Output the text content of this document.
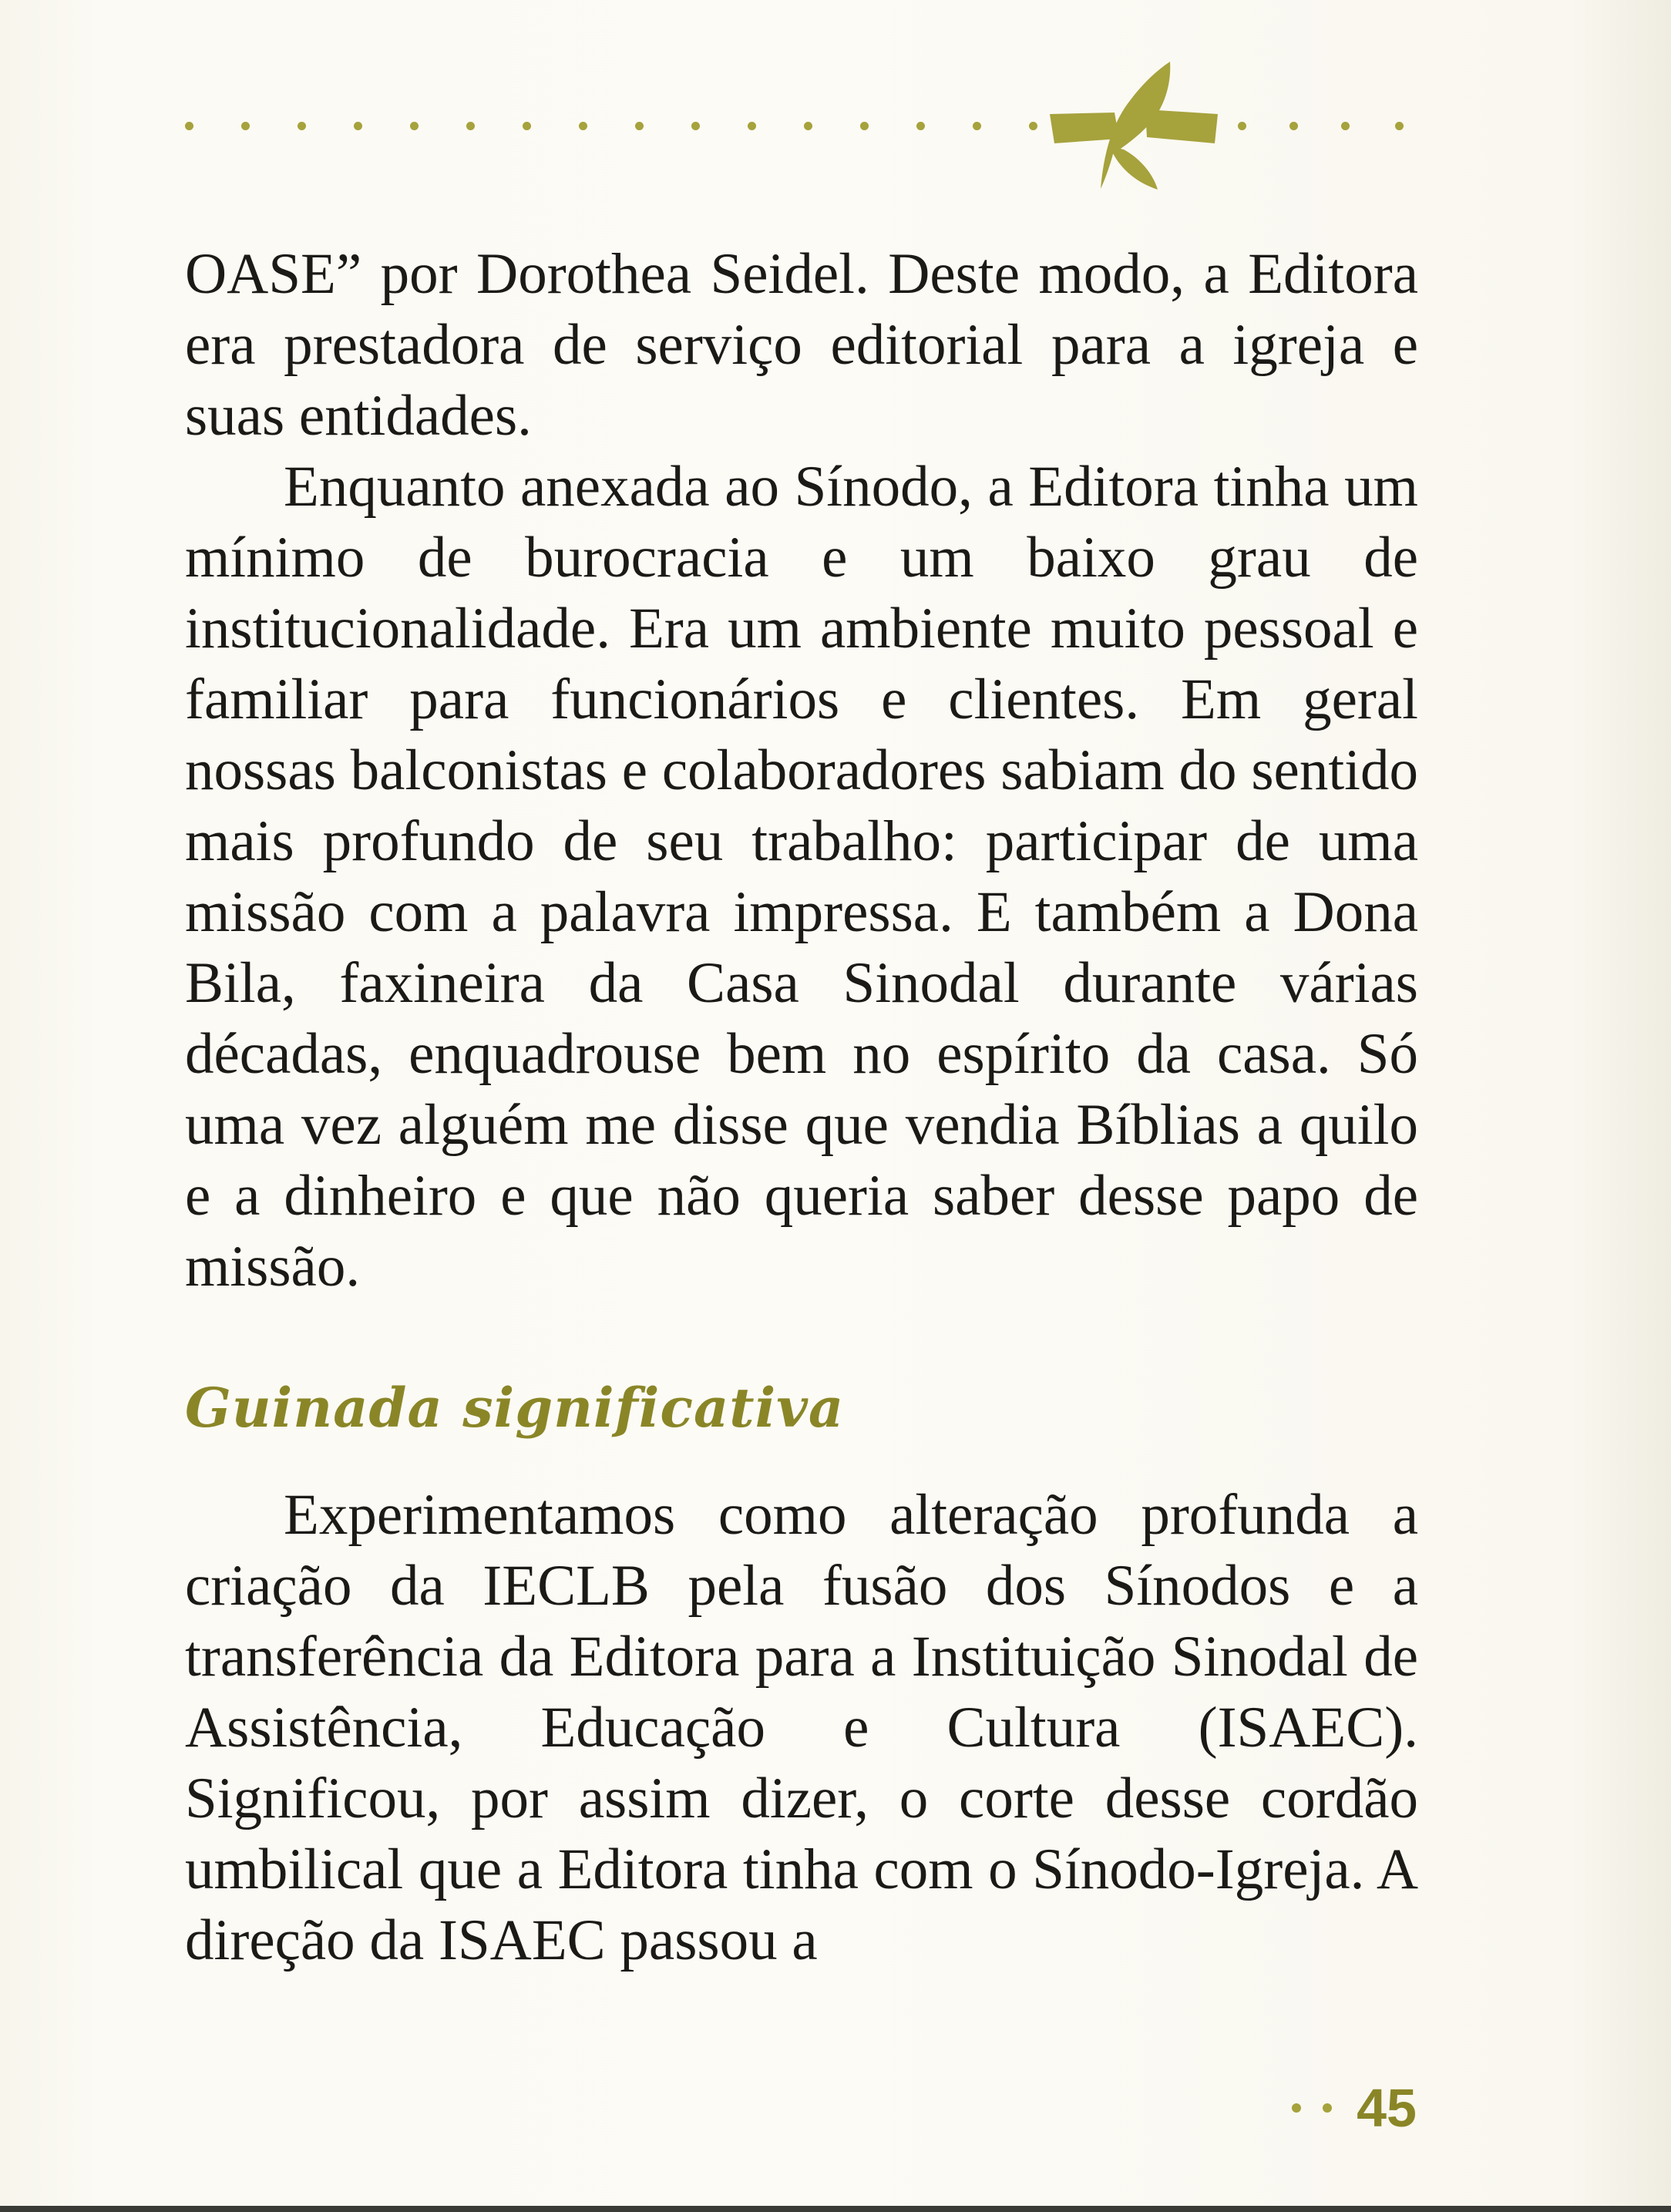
OASE” por Dorothea Seidel. Deste modo, a Editora era prestadora de serviço editorial para a igreja e suas entidades.

Enquanto anexada ao Sínodo, a Editora tinha um mínimo de burocracia e um baixo grau de institucionalidade. Era um ambiente muito pessoal e familiar para funcionários e clientes. Em geral nossas balconistas e colaboradores sabiam do sentido mais profundo de seu trabalho: participar de uma missão com a palavra impressa. E também a Dona Bila, faxineira da Casa Sinodal durante várias décadas, enquadrouse bem no espírito da casa. Só uma vez alguém me disse que vendia Bíblias a quilo e a dinheiro e que não queria saber desse papo de missão.

Guinada significativa

Experimentamos como alteração profunda a criação da IECLB pela fusão dos Sínodos e a transferência da Editora para a Instituição Sinodal de Assistência, Educação e Cultura (ISAEC). Significou, por assim dizer, o corte desse cordão umbilical que a Editora tinha com o Sínodo-Igreja. A direção da ISAEC passou a

45
